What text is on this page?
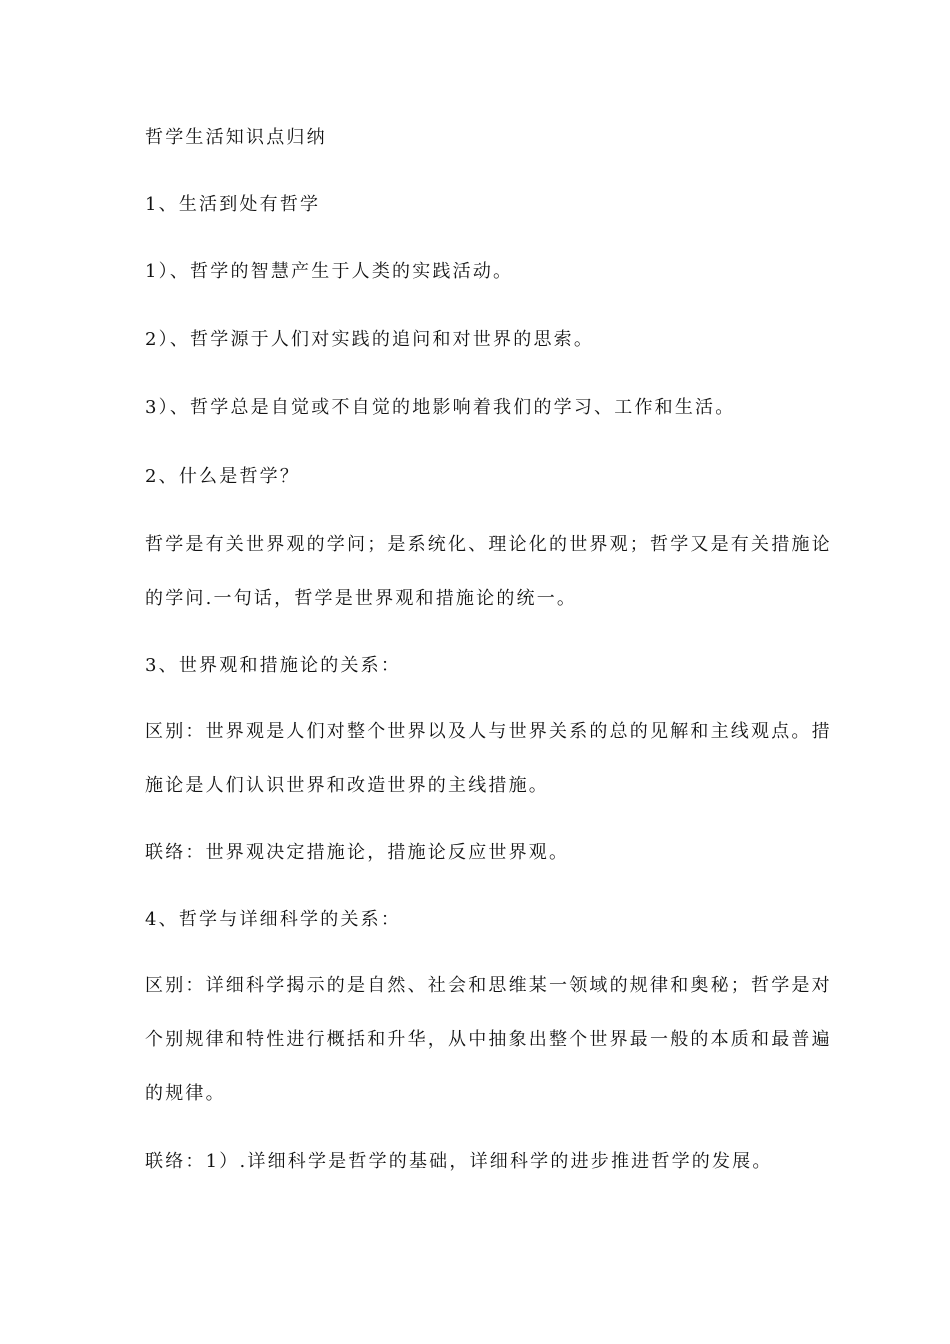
哲学生活知识点归纳
1、生活到处有哲学
1）、哲学的智慧产生于人类的实践活动。
2）、哲学源于人们对实践的追问和对世界的思索。
3）、哲学总是自觉或不自觉的地影响着我们的学习、工作和生活。
2、什么是哲学？
哲学是有关世界观的学问；是系统化、理论化的世界观；哲学又是有关措施论
的学问.一句话，哲学是世界观和措施论的统一。
3、世界观和措施论的关系：
区别：世界观是人们对整个世界以及人与世界关系的总的见解和主线观点。措
施论是人们认识世界和改造世界的主线措施。
联络：世界观决定措施论，措施论反应世界观。
4、哲学与详细科学的关系：
区别：详细科学揭示的是自然、社会和思维某一领域的规律和奥秘；哲学是对
个别规律和特性进行概括和升华，从中抽象出整个世界最一般的本质和最普遍
的规律。
联络：1）.详细科学是哲学的基础，详细科学的进步推进哲学的发展。
